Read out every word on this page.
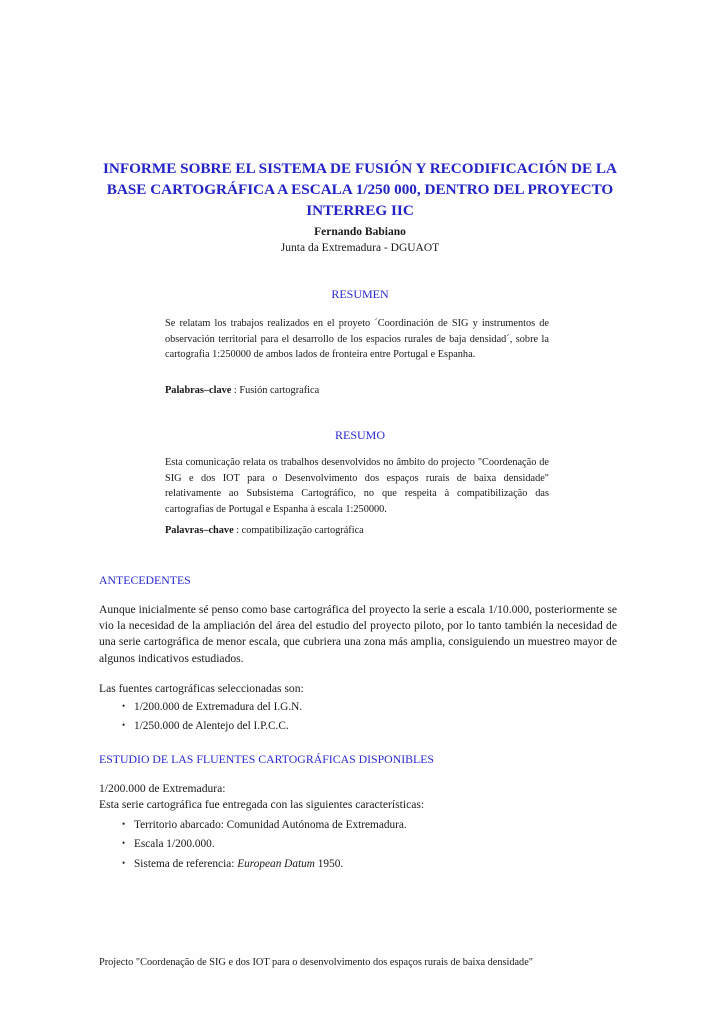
INFORME SOBRE EL SISTEMA DE FUSIÓN Y RECODIFICACIÓN DE LA BASE CARTOGRÁFICA A ESCALA 1/250 000, DENTRO DEL PROYECTO INTERREG IIC
Fernando Babiano
Junta da Extremadura - DGUAOT
RESUMEN

Se relatam los trabajos realizados en el proyeto ´Coordinación de SIG y instrumentos de observación territorial para el desarrollo de los espacios rurales de baja densidad´, sobre la cartografia 1:250000 de ambos lados de fronteira entre Portugal e Espanha.

Palabras–clave : Fusión cartografica
RESUMO

Esta comunicação relata os trabalhos desenvolvidos no âmbito do projecto "Coordenação de SIG e dos IOT para o Desenvolvimento dos espaços rurais de baixa densidade" relativamente ao Subsistema Cartográfico, no que respeita à compatibilização das cartografias de Portugal e Espanha à escala 1:250000.

Palavras–chave : compatibilização cartográfica
ANTECEDENTES

Aunque inicialmente sé penso como base cartográfica del proyecto la serie a escala 1/10.000, posteriormente se vio la necesidad de la ampliación del área del estudio del proyecto piloto, por lo tanto también la necesidad de una serie cartográfica de menor escala, que cubriera una zona más amplia, consiguiendo un muestreo mayor de algunos indicativos estudiados.

Las fuentes cartográficas seleccionadas son:
• 1/200.000 de Extremadura del I.G.N.
• 1/250.000 de Alentejo del I.P.C.C.
ESTUDIO DE LAS FLUENTES CARTOGRÁFICAS DISPONIBLES
1/200.000 de Extremadura:
Esta serie cartográfica fue entregada con las siguientes características:
• Territorio abarcado: Comunidad Autónoma de Extremadura.
• Escala 1/200.000.
• Sistema de referencia: European Datum 1950.
Projecto "Coordenação de SIG e dos IOT para o desenvolvimento dos espaços rurais de baixa densidade"
